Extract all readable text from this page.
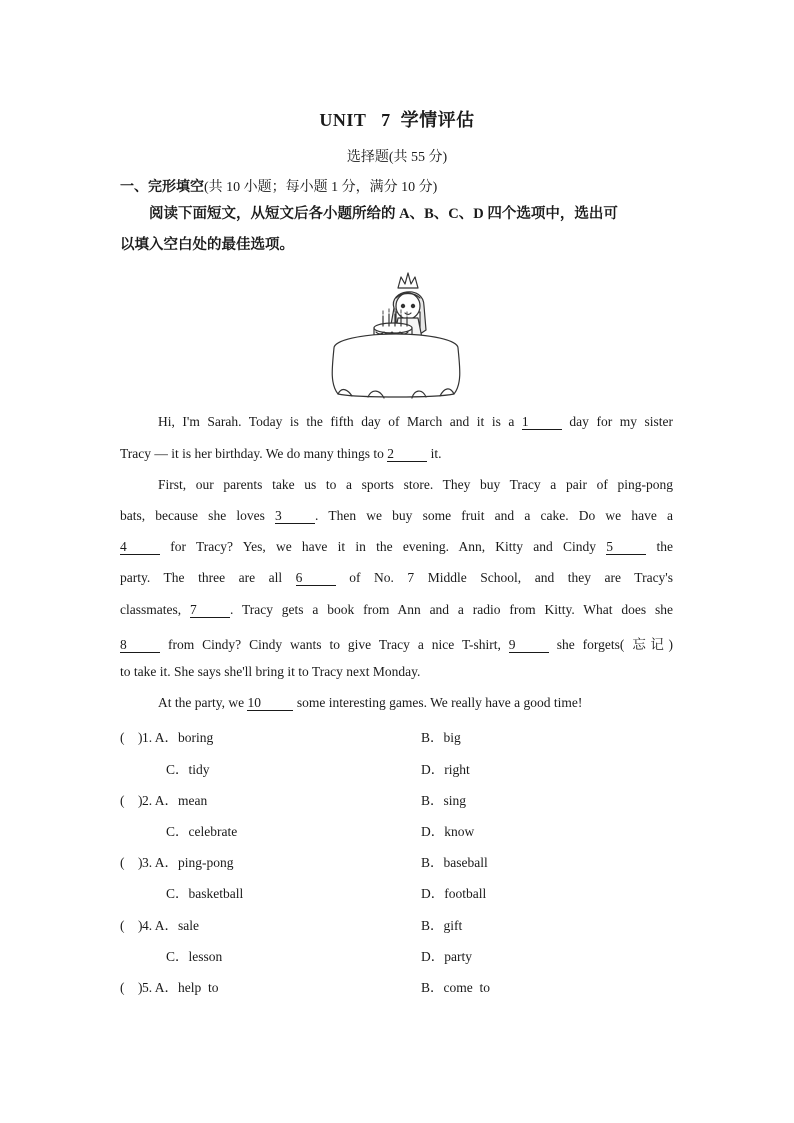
UNIT   7  学情评估
选择题(共 55 分)
一、完形填空(共 10 小题；每小题 1 分，满分 10 分)
阅读下面短文，从短文后各小题所给的 A、B、C、D 四个选项中，选出可
以填入空白处的最佳选项。
Hi, I'm Sarah. Today is the fifth day of March and it is a 1 day for my sister
Tracy — it is her birthday. We do many things to 2 it.
First, our parents take us to a sports store. They buy Tracy a pair of ping-pong
bats, because she loves 3 . Then we buy some fruit and a cake. Do we have a
4 for Tracy? Yes, we have it in the evening. Ann, Kitty and Cindy 5 the
party. The three are all 6 of No. 7 Middle School, and they are Tracy's
classmates, 7 . Tracy gets a book from Ann and a radio from Kitty. What does she
8 from Cindy? Cindy wants to give Tracy a nice T-shirt, 9 she forgets( 忘记)
to take it. She says she'll bring it to Tracy next Monday.
At the party, we 10 some interesting games. We really have a good time!
(    )1. A．boring	B．big
C．tidy	D．right
(    )2. A．mean	B．sing
C．celebrate	D．know
(    )3. A．ping-pong	B．baseball
C．basketball	D．football
(    )4. A．sale	B．gift
C．lesson	D．party
(    )5. A．help  to	B．come  to
